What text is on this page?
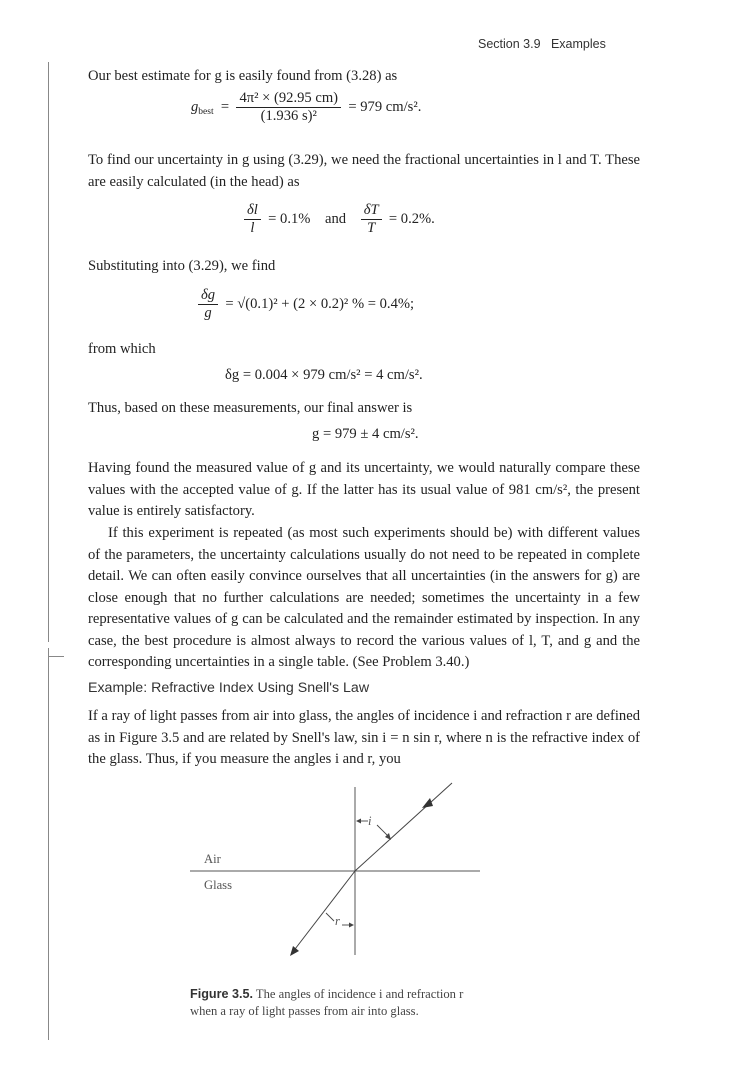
Section 3.9 Examples
Our best estimate for g is easily found from (3.28) as
$g_{best} = \frac{\text{4π² × (92.95 cm)}}{\text{(1.936 s)²}} = 979$ cm/s².
To find our uncertainty in g using (3.29), we need the fractional uncertainties in l and T. These are easily calculated (in the head) as
$\frac{\delta l}{l} = 0.1\%$ and $\frac{\delta T}{T} = 0.2\%$.
Substituting into (3.29), we find
$\frac{\delta g}{g} = √(0.1)^2 + (2 \times 0.2)^2$ % = 0.4%;
from which
δg = 0.004 × 979 cm/s² = 4 cm/s².
Thus, based on these measurements, our final answer is
g = 979 ± 4 cm/s².
Having found the measured value of g and its uncertainty, we would naturally compare these values with the accepted value of g. If the latter has its usual value of 981 cm/s², the present value is entirely satisfactory.
If this experiment is repeated (as most such experiments should be) with different values of the parameters, the uncertainty calculations usually do not need to be repeated in complete detail. We can often easily convince ourselves that all uncertainties (in the answers for g) are close enough that no further calculations are needed; sometimes the uncertainty in a few representative values of g can be calculated and the remainder estimated by inspection. In any case, the best procedure is almost always to record the various values of l, T, and g and the corresponding uncertainties in a single table. (See Problem 3.40.)
Example: Refractive Index Using Snell's Law
If a ray of light passes from air into glass, the angles of incidence i and refraction r are defined as in Figure 3.5 and are related by Snell's law, sin i = n sin r, where n is the refractive index of the glass. Thus, if you measure the angles i and r, you
Air
Glass
i
r
Figure 3.5. The angles of incidence i and refraction r when a ray of light passes from air into glass.
